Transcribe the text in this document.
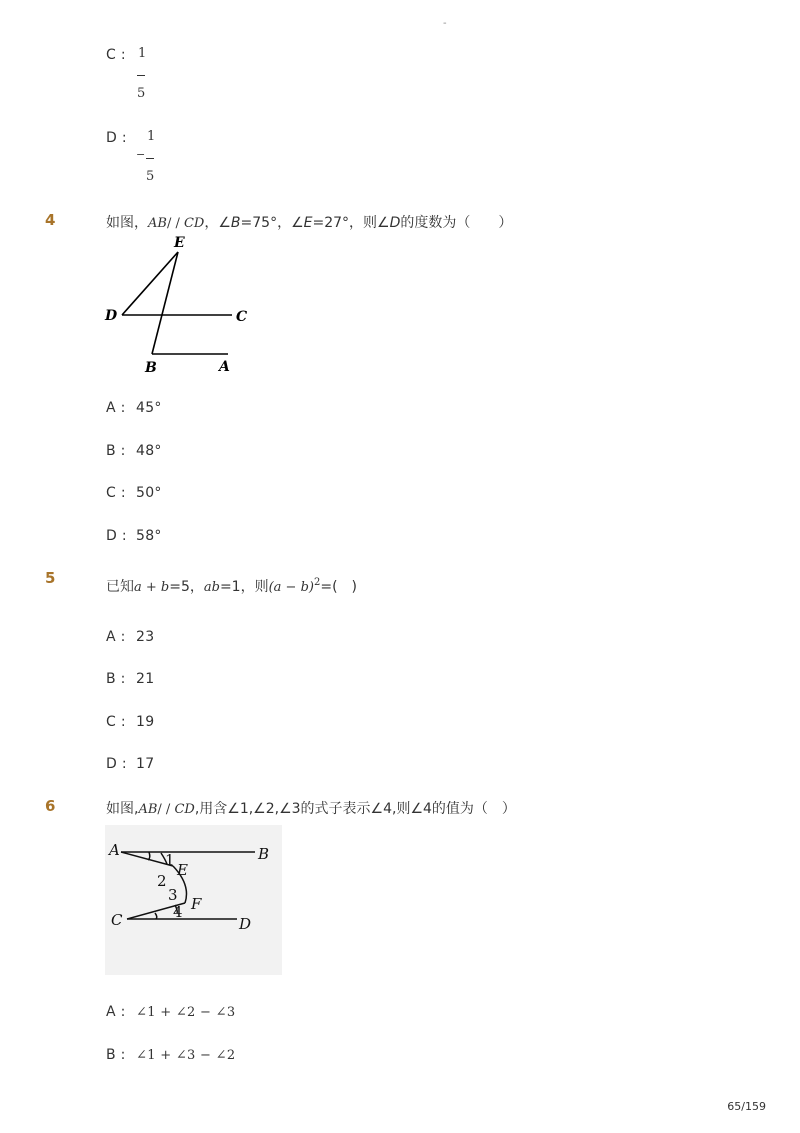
-
C : 1
5
D :
−
1
5
4	如图，AB/ / CD，∠B=75°，∠E=27°，则∠D的度数为（　　）
E
D	C
B	A
A : 45°
B : 48°
C : 50°
D : 58°
5	已知a + b=5，ab=1，则$(a - b)^2=$(　)
A : 23
B : 21
C : 19
D : 17
6	如图,AB/ / CD,用含∠1,∠2,∠3的式子表示∠4,则∠4的值为（　）
A	B
E
F
C	D
1
2
3
4
A : ∠1 + ∠2 − ∠3
B : ∠1 + ∠3 − ∠2
65/159
